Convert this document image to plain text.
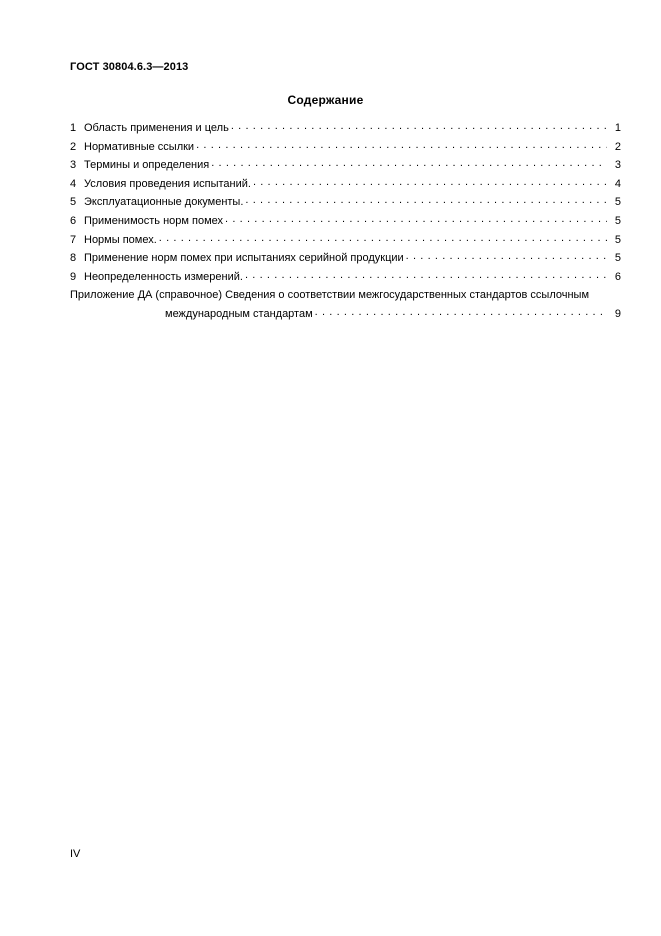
ГОСТ 30804.6.3—2013
Содержание
1 Область применения и цель . . .	1
2 Нормативные ссылки . . .	2
3 Термины и определения . . .	3
4 Условия проведения испытаний. . . .	4
5 Эксплуатационные документы. . . .	5
6 Применимость норм помех . . .	5
7 Нормы помех. . . .	5
8 Применение норм помех при испытаниях серийной продукции . . .	5
9 Неопределенность измерений. . . .	6
Приложение ДА (справочное) Сведения о соответствии межгосударственных стандартов ссылочным
международным стандартам . . .	9
IV
